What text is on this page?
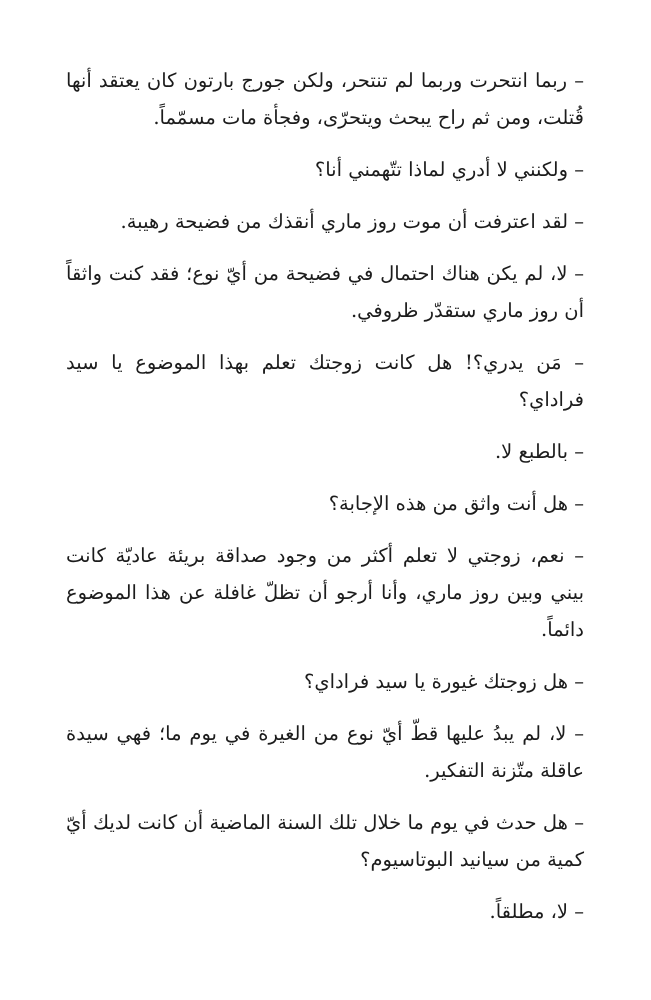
– ربما انتحرت وربما لم تنتحر، ولكن جورج بارتون كان يعتقد أنها قُتلت، ومن ثم راح يبحث ويتحرّى، وفجأة مات مسمّماً.

– ولكنني لا أدري لماذا تتّهمني أنا؟

– لقد اعترفت أن موت روز ماري أنقذك من فضيحة رهيبة.

– لا، لم يكن هناك احتمال في فضيحة من أيّ نوع؛ فقد كنت واثقاً أن روز ماري ستقدّر ظروفي.

– مَن يدري؟! هل كانت زوجتك تعلم بهذا الموضوع يا سيد فراداي؟

– بالطبع لا.

– هل أنت واثق من هذه الإجابة؟

– نعم، زوجتي لا تعلم أكثر من وجود صداقة بريئة عاديّة كانت بيني وبين روز ماري، وأنا أرجو أن تظلّ غافلة عن هذا الموضوع دائماً.

– هل زوجتك غيورة يا سيد فراداي؟

– لا، لم يبدُ عليها قطّ أيّ نوع من الغيرة في يوم ما؛ فهي سيدة عاقلة متّزنة التفكير.

– هل حدث في يوم ما خلال تلك السنة الماضية أن كانت لديك أيّ كمية من سيانيد البوتاسيوم؟

– لا، مطلقاً.
